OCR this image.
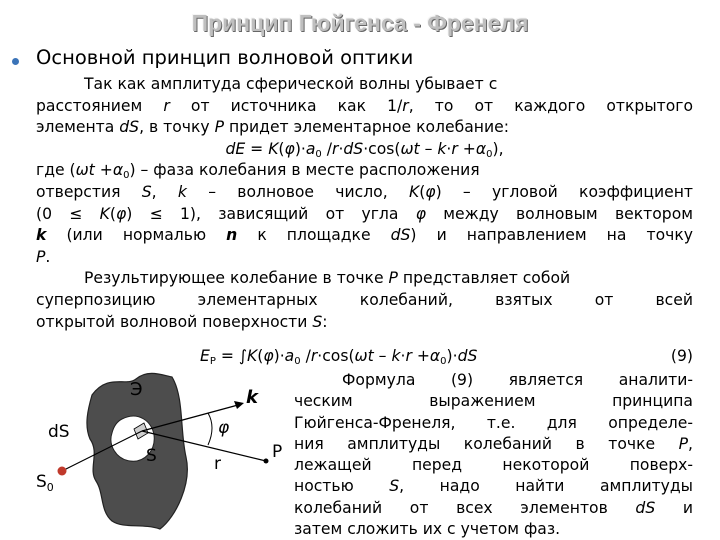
Принцип Гюйгенса - Френеля
Основной принцип волновой оптики
Так как амплитуда сферической волны убывает с
расстоянием r от источника как 1/r, то от каждого открытого
элемента dS, в точку P придет элементарное колебание:
dE = $K(\varphi)\cdot a_0$ $/r\cdot dS\cdot\cos(\omega t - k\cdot r +\alpha_0)$,
где $(\omega t +\alpha_0)$ – фаза колебания в месте расположения
отверстия S, k – волновое число, K(φ) – угловой коэффициент
(0 ≤ K(φ) ≤ 1), зависящий от угла φ между волновым вектором
k (или нормалью n к площадке dS) и направлением на точку
P.
Результирующее колебание в точке P представляет собой
суперпозицию элементарных колебаний, взятых от всей
открытой волновой поверхности S:
$E_P = \int K(\varphi)\cdot a_0$ $/r\cdot\cos(\omega t - k\cdot r +\alpha_0)\cdot dS$	(9)
Формула (9) является аналити-
ческим выражением принципа
Гюйгенса-Френеля, т.е. для определе-
ния амплитуды колебаний в точке P,
лежащей перед некоторой поверх-
ностью S, надо найти амплитуды
колебаний от всех элементов dS и
затем сложить их с учетом фаз.
Э	k
dS
S
φ
r
P
$S_0$
